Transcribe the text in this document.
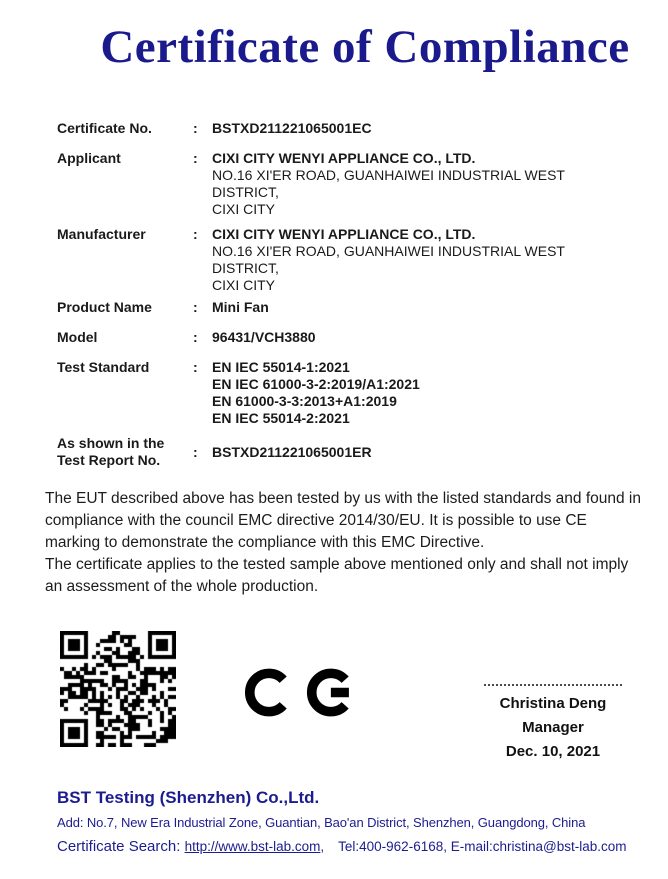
Certificate of Compliance
Certificate No.	:	BSTXD211221065001EC
Applicant	:	CIXI CITY WENYI APPLIANCE CO., LTD.
NO.16 XI'ER ROAD, GUANHAIWEI INDUSTRIAL WEST DISTRICT,
CIXI CITY
Manufacturer	:	CIXI CITY WENYI APPLIANCE CO., LTD.
NO.16 XI'ER ROAD, GUANHAIWEI INDUSTRIAL WEST DISTRICT,
CIXI CITY
Product Name	:	Mini Fan
Model	:	96431/VCH3880
Test Standard	:	EN IEC 55014-1:2021
EN IEC 61000-3-2:2019/A1:2021
EN 61000-3-3:2013+A1:2019
EN IEC 55014-2:2021
As shown in the
Test Report No.
:	BSTXD211221065001ER

The EUT described above has been tested by us with the listed standards and found in compliance with the council EMC directive 2014/30/EU. It is possible to use CE marking to demonstrate the compliance with this EMC Directive.

The certificate applies to the tested sample above mentioned only and shall not imply an assessment of the whole production.

Christina Deng
Manager
Dec. 10, 2021
BST Testing (Shenzhen) Co.,Ltd.
Add: No.7, New Era Industrial Zone, Guantian, Bao'an District, Shenzhen, Guangdong, China
Certificate Search: http://www.bst-lab.com, Tel:400-962-6168, E-mail:christina@bst-lab.com
